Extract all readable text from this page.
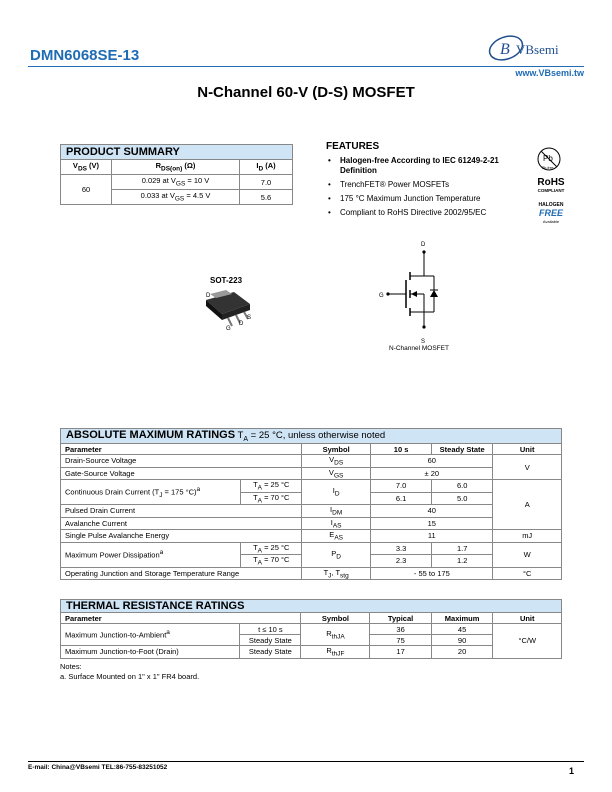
DMN6068SE-13	B VBsemi
www.VBsemi.tw
N-Channel 60-V (D-S) MOSFET
PRODUCT SUMMARY		
$V_{DS}$ (V)	$R_{DS(on)}$ (Ω)	$I_D$ (A)
60	0.029 at $V_{GS} = 10$ V	7.0
	0.033 at $V_{GS} = 4.5$ V	5.6
FEATURES
• Halogen-free According to IEC 61249-2-21 Definition
• TrenchFET® Power MOSFETs
• 175 °C Maximum Junction Temperature
• Compliant to RoHS Directive 2002/95/EC
Pb
Pb-free
RoHS
COMPLIANT
HALOGEN
FREE
Available
SOT-223
D
G
D
S
D
G
S
N-Channel MOSFET
ABSOLUTE MAXIMUM RATINGS $T_A = 25$ °C, unless otherwise noted					
Parameter		Symbol	10 s	Steady State	Unit
Drain-Source Voltage		$V_{DS}$	60		V
Gate-Source Voltage		$V_{GS}$	± 20		
Continuous Drain Current ($T_J = 175$ °C)$^a$	$T_A = 25$ °C	$I_D$	7.0	6.0	A
	$T_A = 70$ °C		6.1	5.0	
Pulsed Drain Current		$I_{DM}$	40		
Avalanche Current		$I_{AS}$	15		
Single Pulse Avalanche Energy		$E_{AS}$	11		mJ
Maximum Power Dissipation$^a$	$T_A = 25$ °C	$P_D$	3.3	1.7	W
	$T_A = 70$ °C		2.3	1.2	
Operating Junction and Storage Temperature Range		$T_J$, $T_{stg}$	- 55 to 175		°C
THERMAL RESISTANCE RATINGS					
Parameter		Symbol	Typical	Maximum	Unit
Maximum Junction-to-Ambient$^a$	t ≤ 10 s	$R_{thJA}$	36	45	°C/W
	Steady State		75	90	
Maximum Junction-to-Foot (Drain)	Steady State	$R_{thJF}$	17	20	
Notes:
a. Surface Mounted on 1" x 1" FR4 board.
E-mail: China@VBsemi TEL:86-755-83251052	1
